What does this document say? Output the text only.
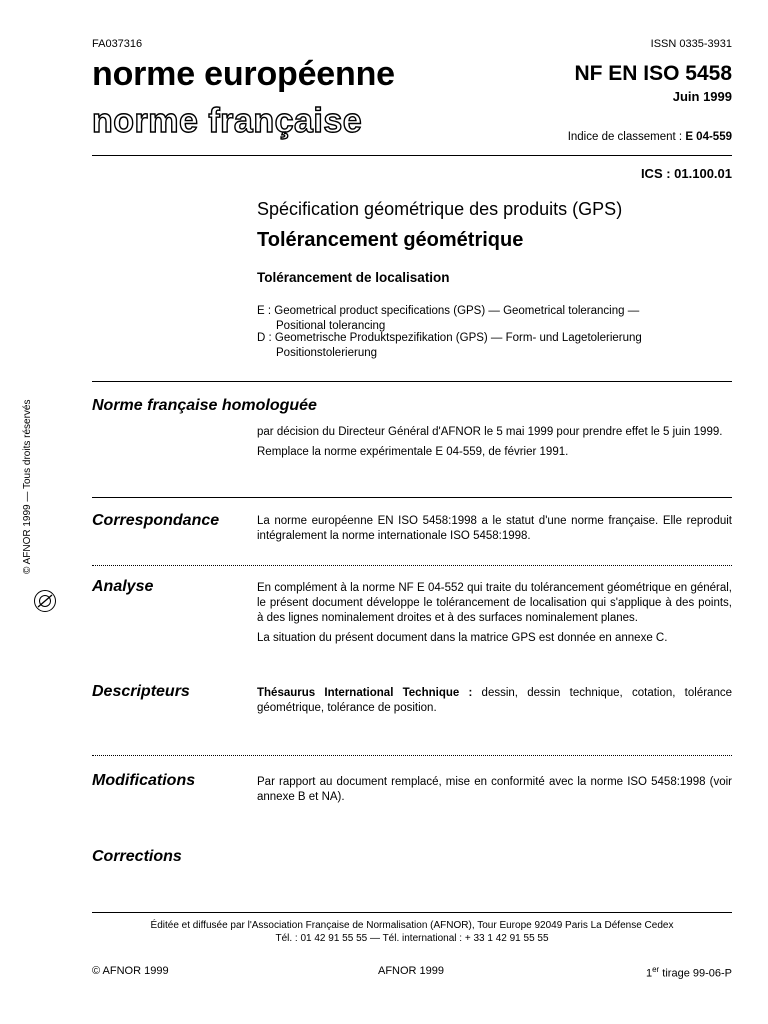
FA037316	ISSN 0335-3931
norme européenne
norme française
NF EN ISO 5458
Juin 1999
Indice de classement : E 04-559
ICS : 01.100.01
Spécification géométrique des produits (GPS)
Tolérancement géométrique
Tolérancement de localisation
E : Geometrical product specifications (GPS) — Geometrical tolerancing —
Positional tolerancing
D : Geometrische Produktspezifikation (GPS) — Form- und Lagetolerierung
Positionstolerierung
© AFNOR 1999 — Tous droits réservés	Norme française homologuée

par décision du Directeur Général d'AFNOR le 5 mai 1999 pour prendre effet le 5 juin 1999.

Remplace la norme expérimentale E 04-559, de février 1991.

Correspondance	La norme européenne EN ISO 5458:1998 a le statut d'une norme française. Elle reproduit intégralement la norme internationale ISO 5458:1998.

Analyse	En complément à la norme NF E 04-552 qui traite du tolérancement géométrique en général, le présent document développe le tolérancement de localisation qui s'applique à des points, à des lignes nominalement droites et à des surfaces nominalement planes.

La situation du présent document dans la matrice GPS est donnée en annexe C.

Descripteurs	Thésaurus International Technique : dessin, dessin technique, cotation, tolérance géométrique, tolérance de position.

Modifications	Par rapport au document remplacé, mise en conformité avec la norme ISO 5458:1998 (voir annexe B et NA).

Corrections
Éditée et diffusée par l'Association Française de Normalisation (AFNOR), Tour Europe 92049 Paris La Défense Cedex
Tél. : 01 42 91 55 55 — Tél. international : + 33 1 42 91 55 55
© AFNOR 1999	AFNOR 1999	1er tirage 99-06-P
